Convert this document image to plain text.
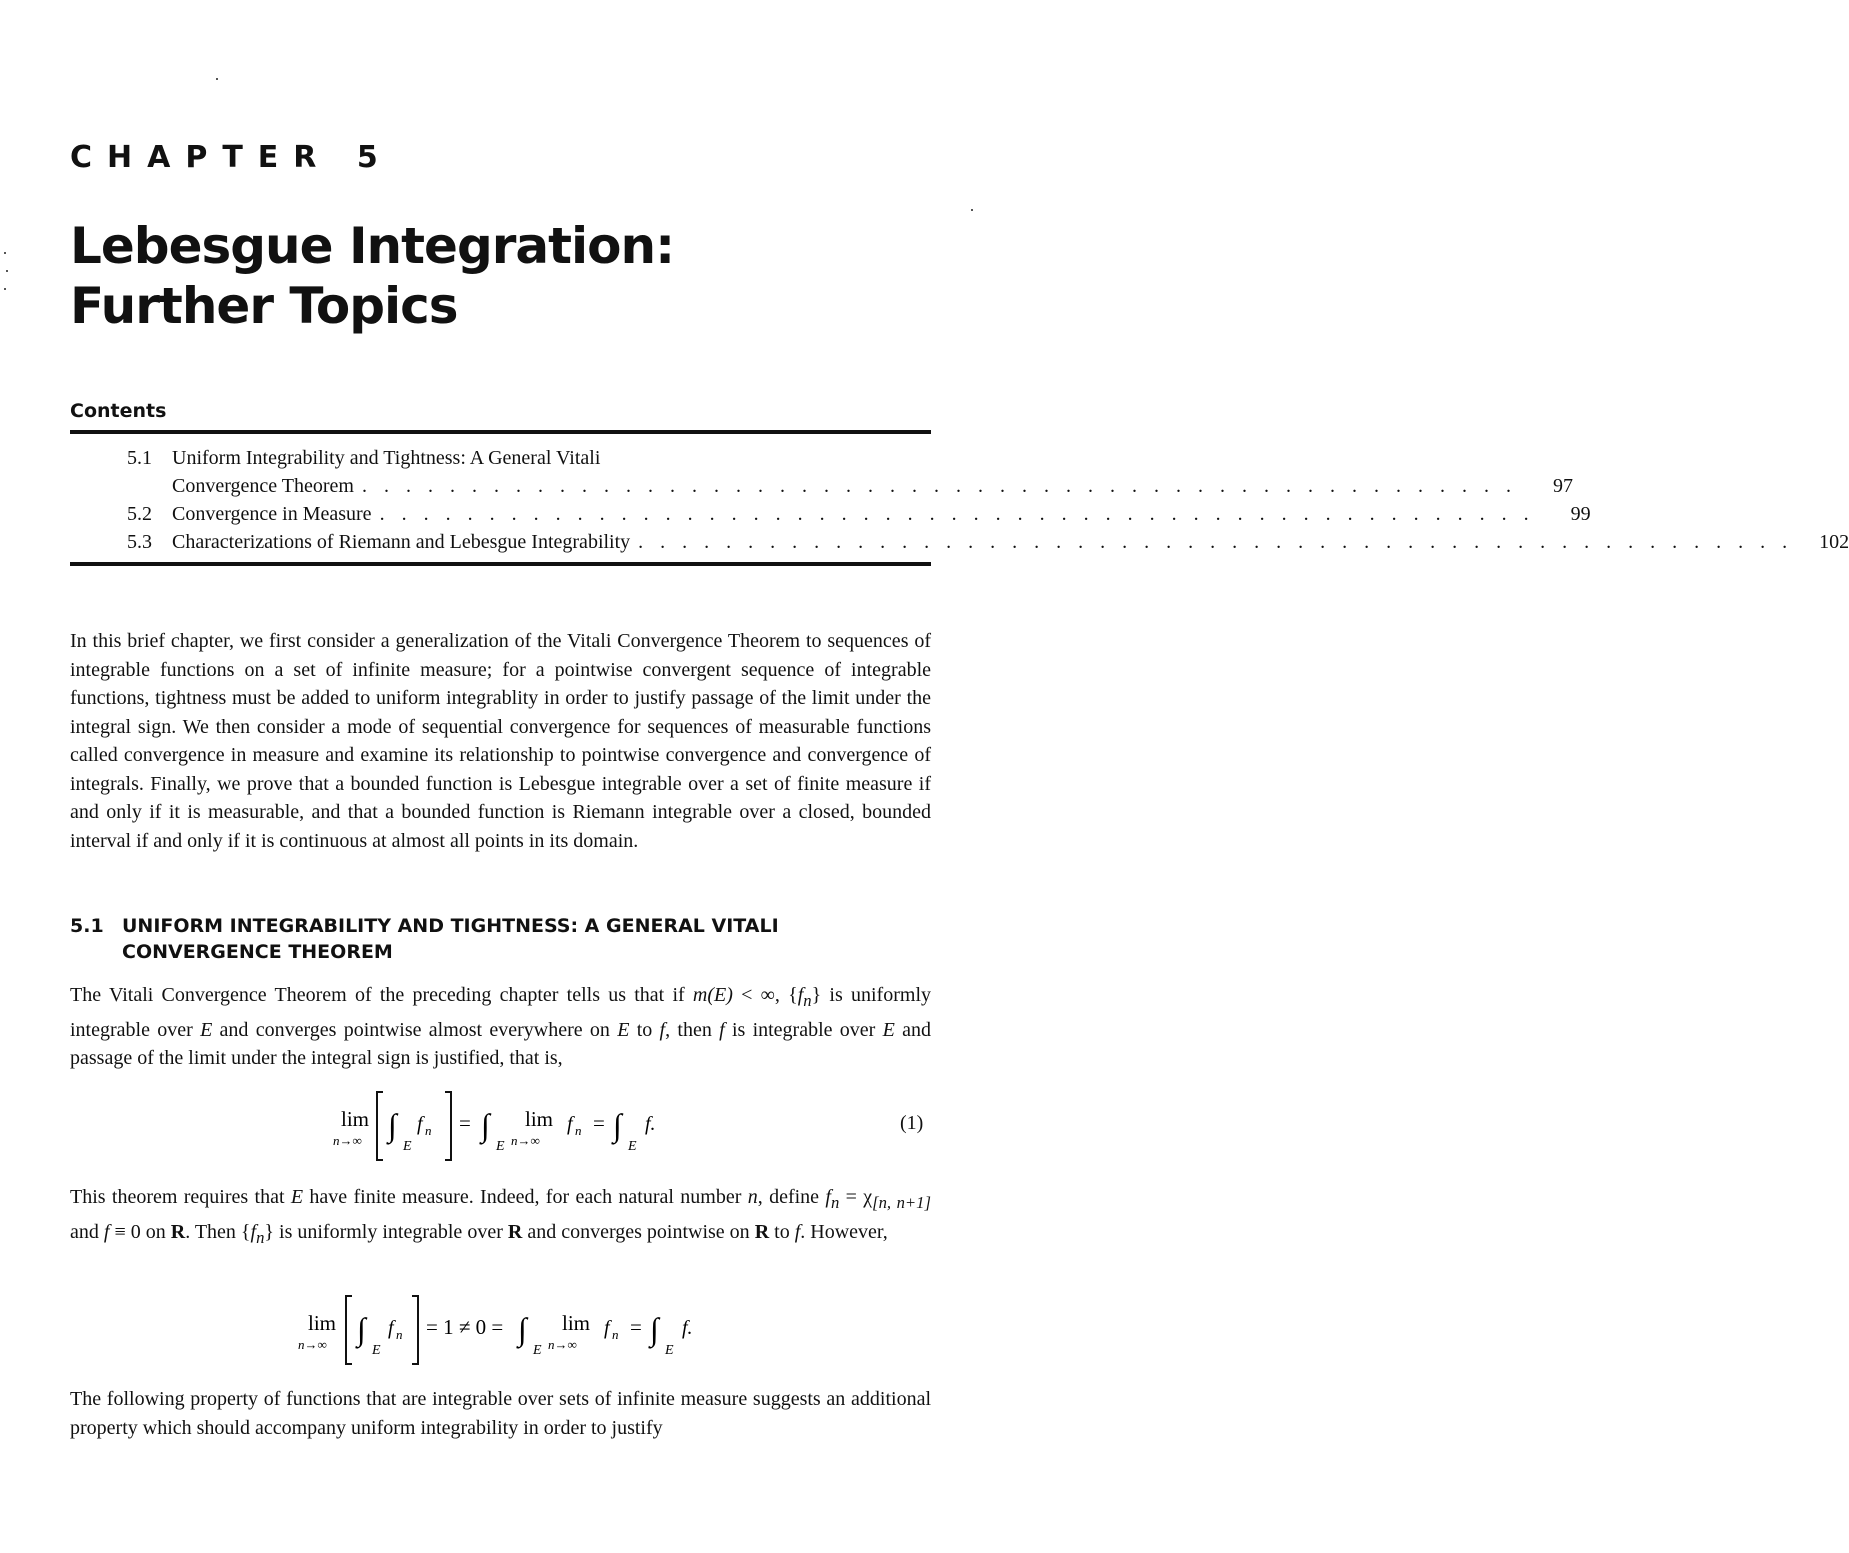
CHAPTER 5
Lebesgue Integration:
Further Topics
Contents
5.1 Uniform Integrability and Tightness: A General Vitali
Convergence Theorem . . . . . . . . . . . . . . . . . . . . . . . . . . . . . . . . . . . . . . . . . . . . . . . . . . . . .	97
5.2 Convergence in Measure . . . . . . . . . . . . . . . . . . . . . . . . . . . . . . . . . . . . . . . . . . . . . . . . . . . . .	99
5.3 Characterizations of Riemann and Lebesgue Integrability . . . . . . . . . . . . . . . . . . . . . . . . . . . . . . . . . . . . . . . . . . . . . . . . . . . . .	102
In this brief chapter, we first consider a generalization of the Vitali Convergence Theorem to sequences of integrable functions on a set of infinite measure; for a pointwise convergent sequence of integrable functions, tightness must be added to uniform integrablity in order to justify passage of the limit under the integral sign. We then consider a mode of sequential convergence for sequences of measurable functions called convergence in measure and examine its relationship to pointwise convergence and convergence of integrals. Finally, we prove that a bounded function is Lebesgue integrable over a set of finite measure if and only if it is measurable, and that a bounded function is Riemann integrable over a closed, bounded interval if and only if it is continuous at almost all points in its domain.
5.1 UNIFORM INTEGRABILITY AND TIGHTNESS: A GENERAL VITALI
CONVERGENCE THEOREM
The Vitali Convergence Theorem of the preceding chapter tells us that if m(E) < ∞, $\{f_n\}$ is uniformly integrable over E and converges pointwise almost everywhere on E to f, then f is integrable over E and passage of the limit under the integral sign is justified, that is,
lim
n→∞ ∫
E
f n = ∫
E
lim
n→∞
f n = ∫
E
f.	(1)
This theorem requires that E have finite measure. Indeed, for each natural number n, define $f_n = \chi_{[n, n+1]}$ and f ≡ 0 on R. Then $\{f_n\}$ is uniformly integrable over R and converges pointwise on R to f. However,
lim
n→∞ ∫
E
f n = 1 ≠ 0 = ∫
E
lim
n→∞
f n = ∫
E
f.
The following property of functions that are integrable over sets of infinite measure suggests an additional property which should accompany uniform integrability in order to justify
